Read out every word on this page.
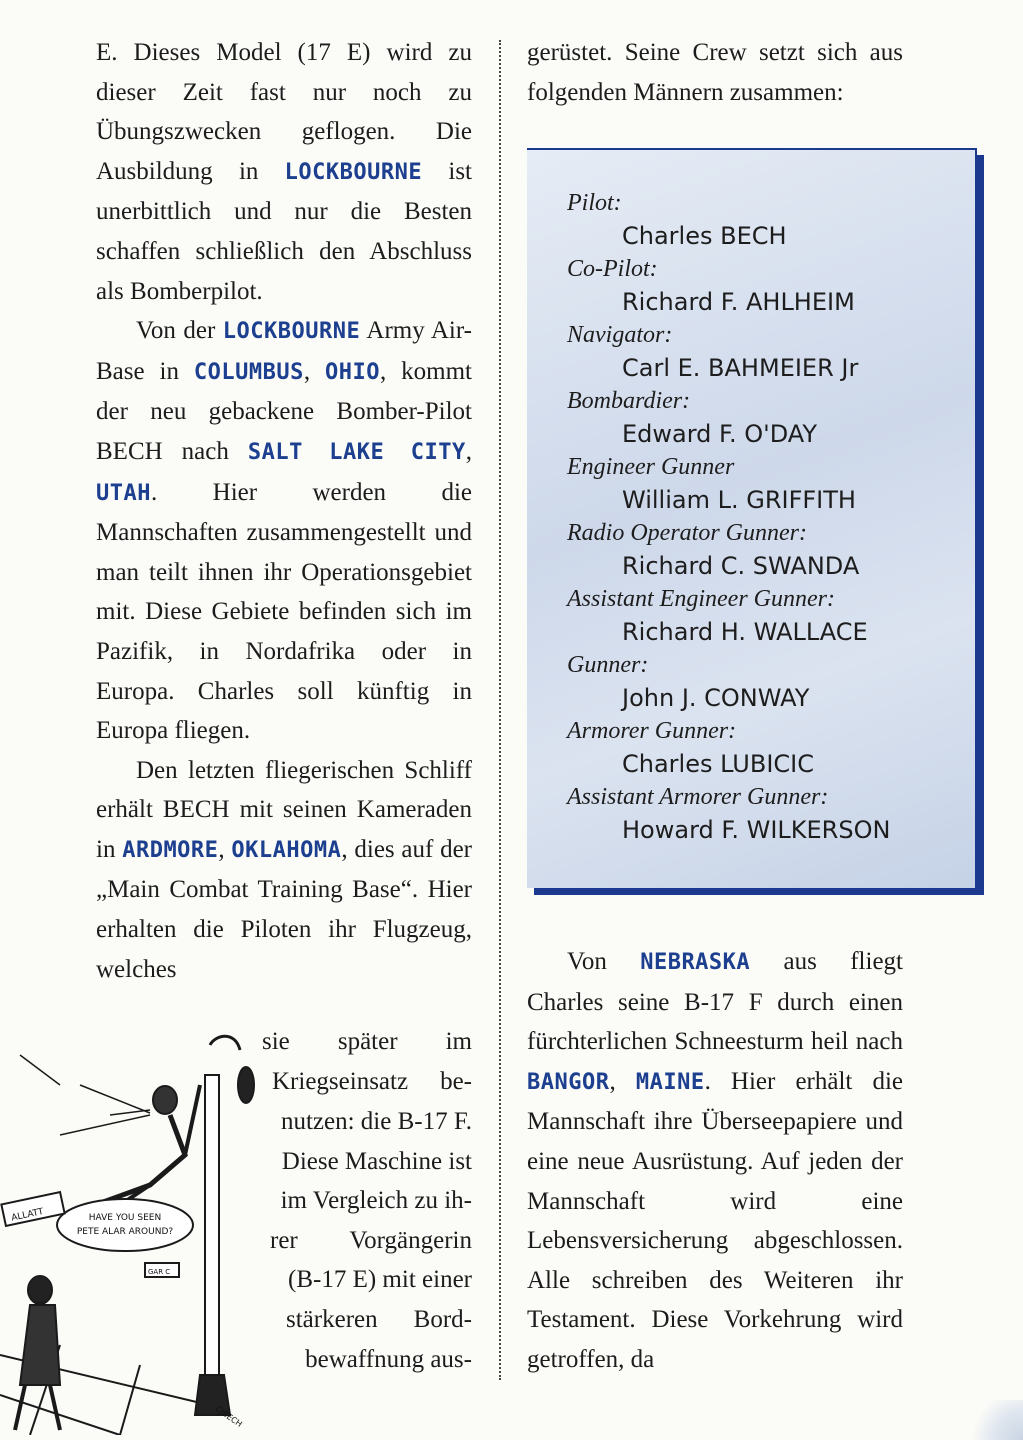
E. Dieses Model (17 E) wird zu dieser Zeit fast nur noch zu Übungszwecken geflogen. Die Ausbildung in LOCKBOURNE ist unerbittlich und nur die Besten schaffen schließlich den Abschluss als Bomberpilot.

Von der LOCKBOURNE Army Air-Base in COLUMBUS, OHIO, kommt der neu gebackene Bomber-Pilot BECH nach SALT LAKE CITY, UTAH. Hier werden die Mannschaften zusammengestellt und man teilt ihnen ihr Operationsgebiet mit. Diese Gebiete befinden sich im Pazifik, in Nordafrika oder in Europa. Charles soll künftig in Europa fliegen.

Den letzten fliegerischen Schliff erhält BECH mit seinen Kameraden in ARDMORE, OKLAHOMA, dies auf der „Main Combat Training Base“. Hier erhalten die Piloten ihr Flugzeug, welches

sie später im
Kriegseinsatz be-
nutzen: die B-17 F.
Diese Maschine ist
im Vergleich zu ih-
rer Vorgängerin
(B-17 E) mit einer
stärkeren Bord-
bewaffnung aus-
HAVE YOU SEEN
PETE ALAR AROUND?
ALLATT
GAR C
CJBECH

gerüstet. Seine Crew setzt sich aus folgenden Männern zusammen:

Pilot:
Charles BECH
Co-Pilot:
Richard F. AHLHEIM
Navigator:
Carl E. BAHMEIER Jr
Bombardier:
Edward F. O'DAY
Engineer Gunner
William L. GRIFFITH
Radio Operator Gunner:
Richard C. SWANDA
Assistant Engineer Gunner:
Richard H. WALLACE
Gunner:
John J. CONWAY
Armorer Gunner:
Charles LUBICIC
Assistant Armorer Gunner:
Howard F. WILKERSON

Von NEBRASKA aus fliegt Charles seine B-17 F durch einen fürchterlichen Schneesturm heil nach BANGOR, MAINE. Hier erhält die Mannschaft ihre Überseepapiere und eine neue Ausrüstung. Auf jeden der Mannschaft wird eine Lebensversicherung abgeschlossen. Alle schreiben des Weiteren ihr Testament. Diese Vorkehrung wird getroffen, da
